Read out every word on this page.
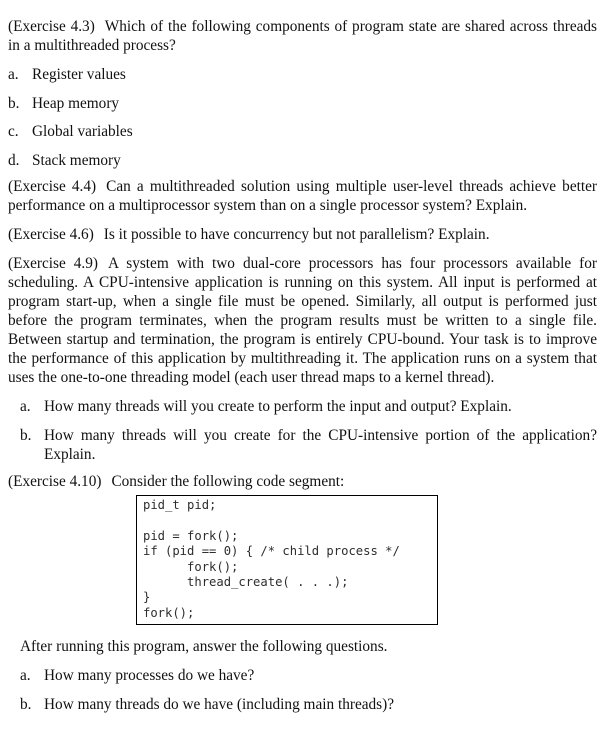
(Exercise 4.3) Which of the following components of program state are shared across threads in a multithreaded process?

a. Register values
b. Heap memory
c. Global variables
d. Stack memory

(Exercise 4.4) Can a multithreaded solution using multiple user-level threads achieve better performance on a multiprocessor system than on a single processor system? Explain.

(Exercise 4.6) Is it possible to have concurrency but not parallelism? Explain.

(Exercise 4.9) A system with two dual-core processors has four processors available for scheduling. A CPU-intensive application is running on this system. All input is performed at program start-up, when a single file must be opened. Similarly, all output is performed just before the program terminates, when the program results must be written to a single file. Between startup and termination, the program is entirely CPU-bound. Your task is to improve the performance of this application by multithreading it. The application runs on a system that uses the one-to-one threading model (each user thread maps to a kernel thread).

a. How many threads will you create to perform the input and output? Explain.
b. How many threads will you create for the CPU-intensive portion of the application? Explain.

(Exercise 4.10) Consider the following code segment:

pid_t pid;
pid = fork();
if (pid == 0) { /* child process */
fork();
thread_create( . . .);
}
fork();

After running this program, answer the following questions.

a. How many processes do we have?
b. How many threads do we have (including main threads)?
